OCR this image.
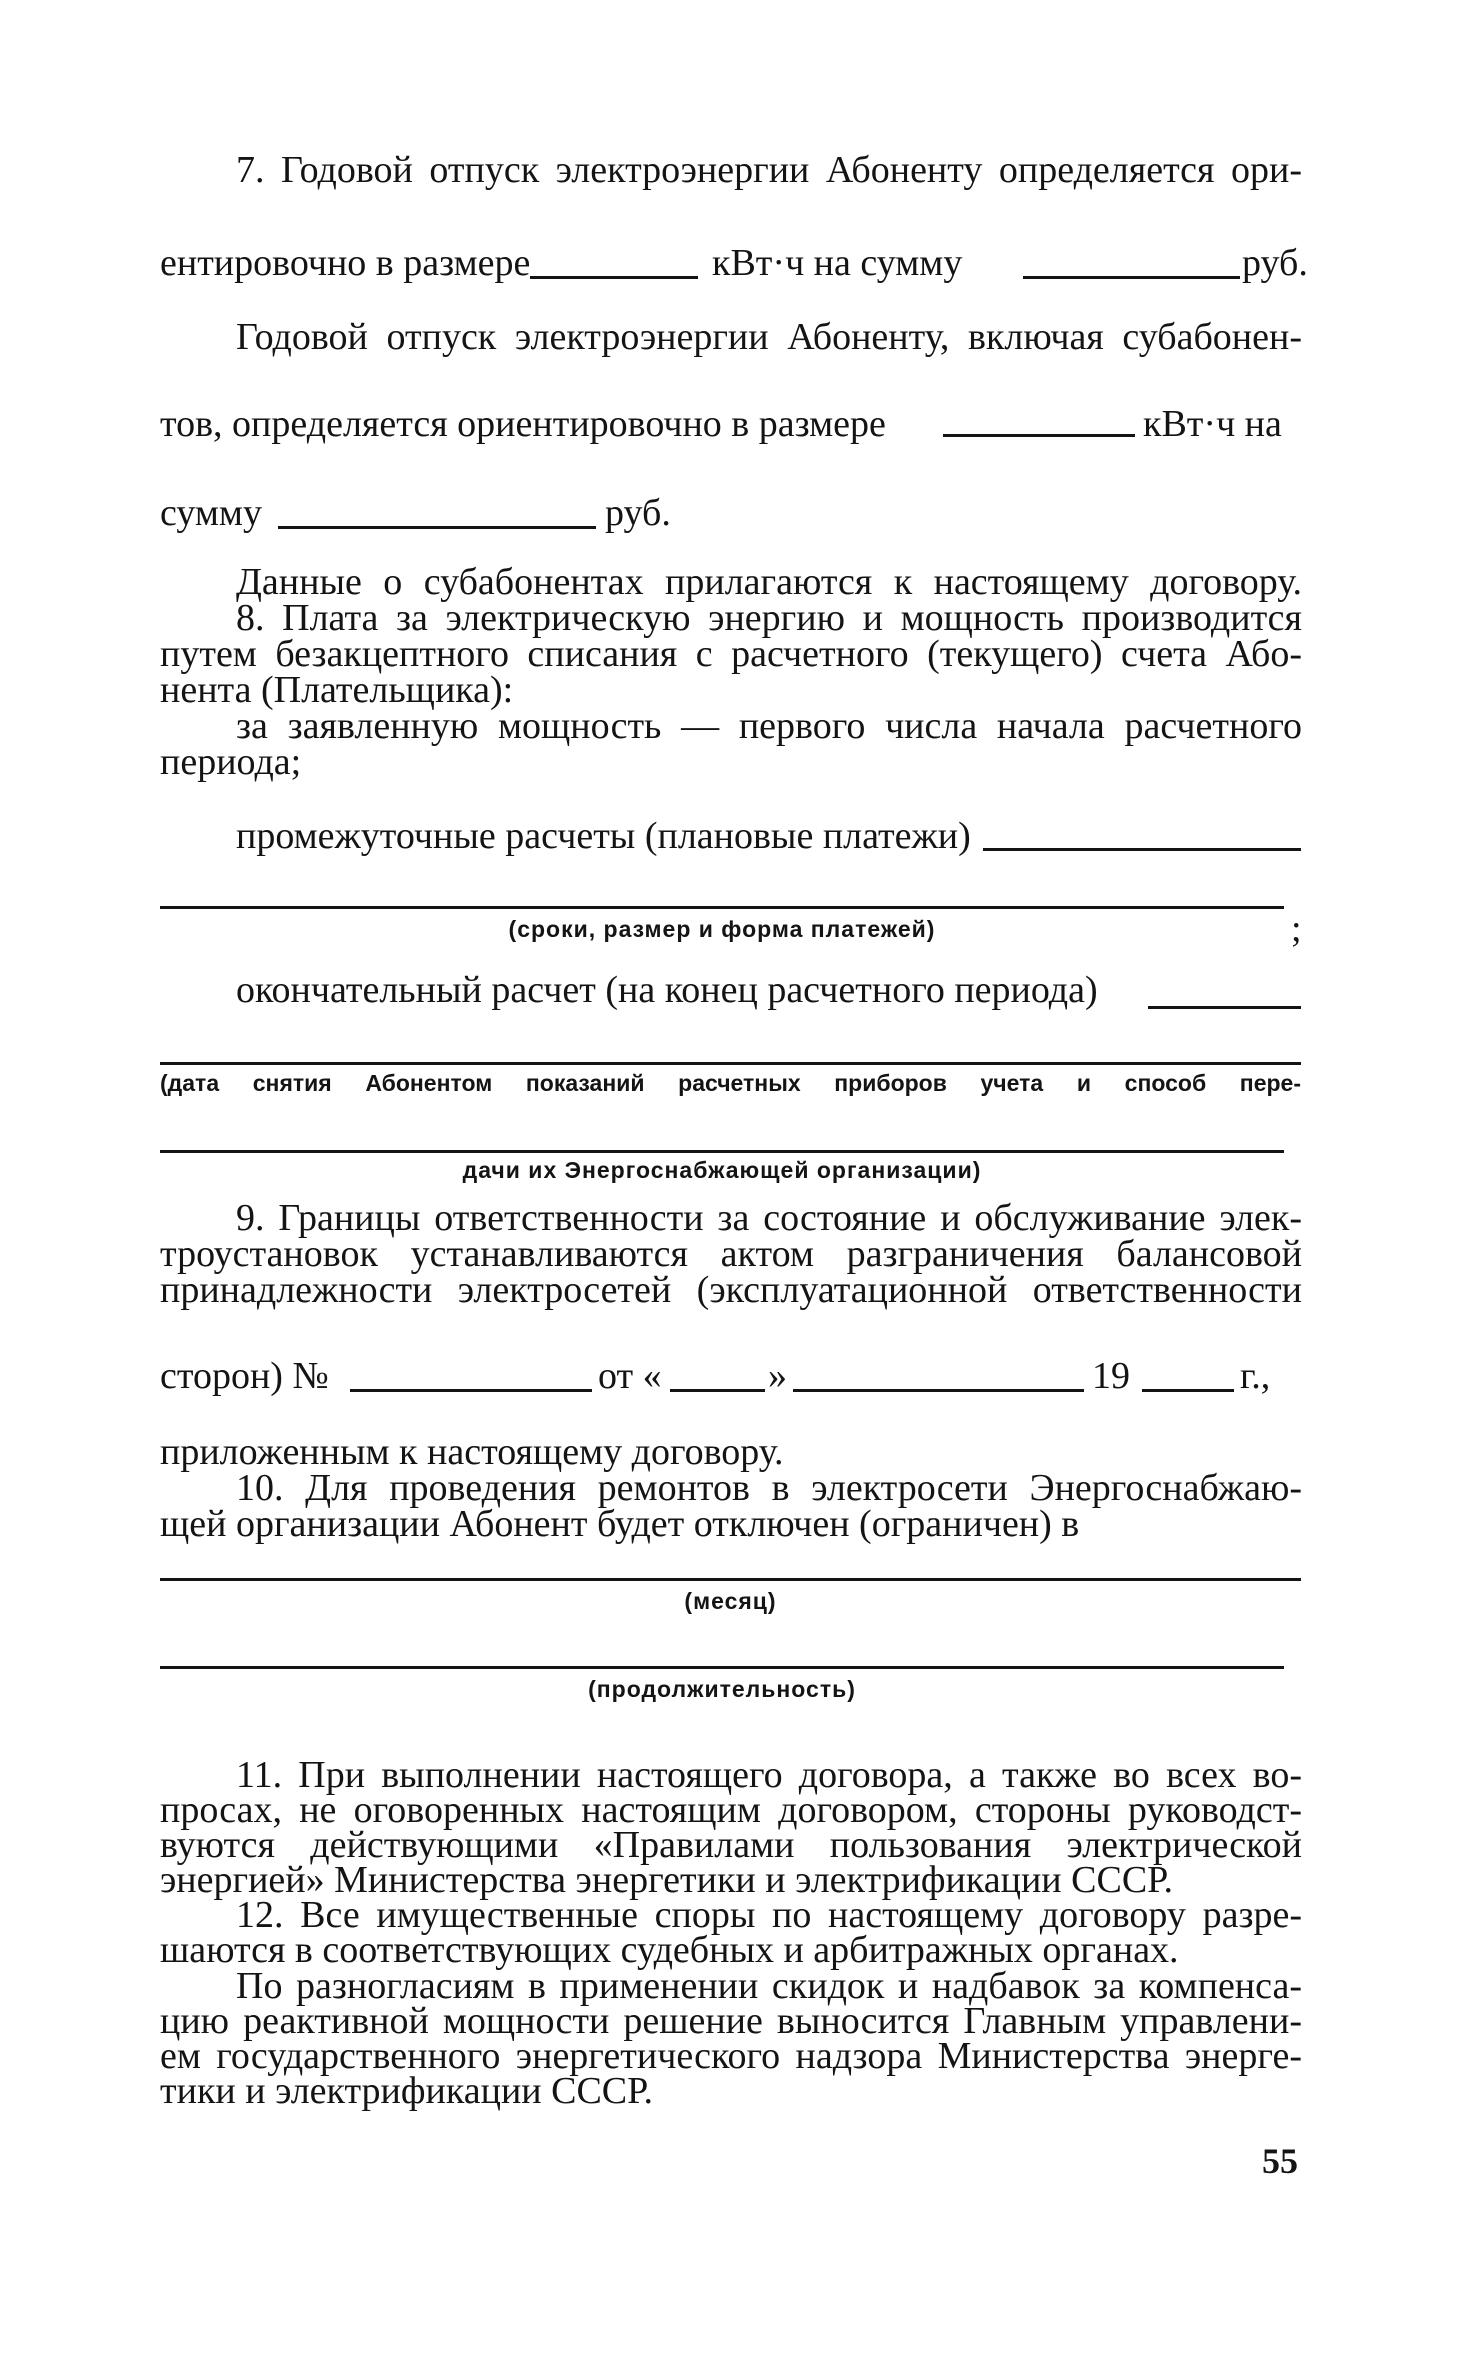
7. Годовой отпуск электроэнергии Абоненту определяется ори-
ентировочно в размере	кВт·ч на сумму	руб.
Годовой отпуск электроэнергии Абоненту, включая субабонен-
тов, определяется ориентировочно в размере	кВт·ч на
сумму	руб.
Данные о субабонентах прилагаются к настоящему договору.
8. Плата за электрическую энергию и мощность производится
путем безакцептного списания с расчетного (текущего) счета Або-
нента (Плательщика):
за заявленную мощность — первого числа начала расчетного
периода;
промежуточные расчеты (плановые платежи)
(сроки, размер и форма платежей)	;
окончательный расчет (на конец расчетного периода)
(дата снятия Абонентом показаний расчетных приборов учета и способ пере-
дачи их Энергоснабжающей организации)
9. Границы ответственности за состояние и обслуживание элек-
троустановок устанавливаются актом разграничения балансовой
принадлежности электросетей (эксплуатационной ответственности
сторон) №	от «	»	19	г.,
приложенным к настоящему договору.
10. Для проведения ремонтов в электросети Энергоснабжаю-
щей организации Абонент будет отключен (ограничен) в
(месяц)
(продолжительность)
11. При выполнении настоящего договора, а также во всех во-
просах, не оговоренных настоящим договором, стороны руководст-
вуются действующими «Правилами пользования электрической
энергией» Министерства энергетики и электрификации СССР.
12. Все имущественные споры по настоящему договору разре-
шаются в соответствующих судебных и арбитражных органах.
По разногласиям в применении скидок и надбавок за компенса-
цию реактивной мощности решение выносится Главным управлени-
ем государственного энергетического надзора Министерства энерге-
тики и электрификации СССР.
55
